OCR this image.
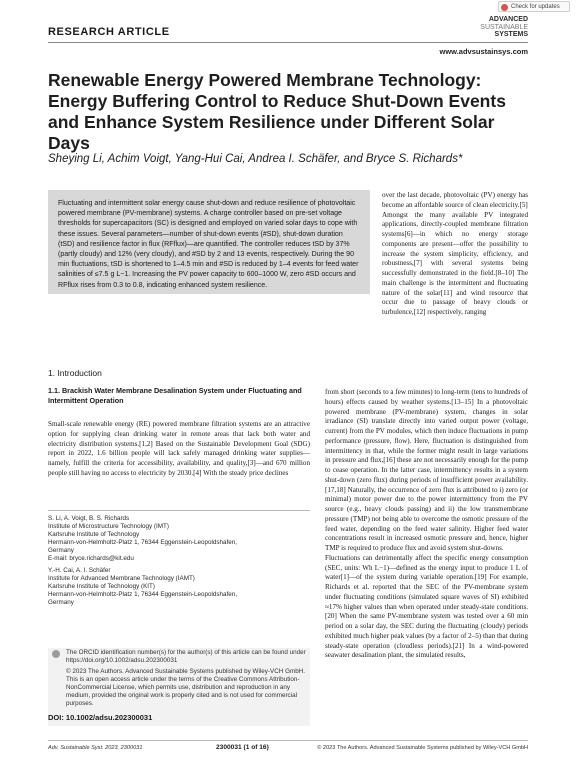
Check for updates
RESEARCH ARTICLE
ADVANCED
SUSTAINABLE
SYSTEMS
www.advsustainsys.com
Renewable Energy Powered Membrane Technology: Energy Buffering Control to Reduce Shut-Down Events and Enhance System Resilience under Different Solar Days
Sheying Li, Achim Voigt, Yang-Hui Cai, Andrea I. Schäfer, and Bryce S. Richards*
Fluctuating and intermittent solar energy cause shut-down and reduce resilience of photovoltaic powered membrane (PV-membrane) systems. A charge controller based on pre-set voltage thresholds for supercapacitors (SC) is designed and employed on varied solar days to cope with these issues. Several parameters—number of shut-down events (#SD), shut-down duration (tSD) and resilience factor in flux (RFflux)—are quantified. The controller reduces tSD by 37% (partly cloudy) and 12% (very cloudy), and #SD by 2 and 13 events, respectively. During the 90 min fluctuations, tSD is shortened to 1–4.5 min and #SD is reduced by 1–4 events for feed water salinities of ≤7.5 g L−1. Increasing the PV power capacity to 600–1000 W, zero #SD occurs and RFflux rises from 0.3 to 0.8, indicating enhanced system resilience.
over the last decade, photovoltaic (PV) energy has become an affordable source of clean electricity.[5]
Amongst the many available PV integrated applications, directly-coupled membrane filtration systems[6]—in which no energy storage components are present—offer the possibility to increase the system simplicity, efficiency, and robustness,[7] with several systems being successfully demonstrated in the field.[8–10] The main challenge is the intermittent and fluctuating nature of the solar[11] and wind resource that occur due to passage of heavy clouds or turbulence,[12] respectively, ranging
from short (seconds to a few minutes) to long-term (tens to hundreds of hours) effects caused by weather systems.[13–15] In a photovoltaic powered membrane (PV-membrane) system, changes in solar irradiance (SI) translate directly into varied output power (voltage, current) from the PV modules, which then induce fluctuations in pump performance (pressure, flow). Here, fluctuation is distinguished from intermittency in that, while the former might result in large variations in pressure and flux,[16] these are not necessarily enough for the pump to cease operation. In the latter case, intermittency results in a system shut-down (zero flux) during periods of insufficient power availability.[17,18] Naturally, the occurrence of zero flux is attributed to i) zero (or minimal) motor power due to the power intermittency from the PV source (e.g., heavy clouds passing) and ii) the low transmembrane pressure (TMP) not being able to overcome the osmotic pressure of the feed water, depending on the feed water salinity. Higher feed water concentrations result in increased osmotic pressure and, hence, higher TMP is required to produce flux and avoid system shut-downs.
Fluctuations can detrimentally affect the specific energy consumption (SEC, units: Wh L−1)—defined as the energy input to produce 1 L of water[1]—of the system during variable operation.[19] For example, Richards et al. reported that the SEC of the PV-membrane system under fluctuating conditions (simulated square waves of SI) exhibited ≈17% higher values than when operated under steady-state conditions.[20] When the same PV-membrane system was tested over a 60 min period on a solar day, the SEC during the fluctuating (cloudy) periods exhibited much higher peak values (by a factor of 2–5) than that during steady-state operation (cloudless periods).[21] In a wind-powered seawater desalination plant, the simulated results,
1. Introduction
1.1. Brackish Water Membrane Desalination System under Fluctuating and Intermittent Operation
Small-scale renewable energy (RE) powered membrane filtration systems are an attractive option for supplying clean drinking water in remote areas that lack both water and electricity distribution systems.[1,2] Based on the Sustainable Development Goal (SDG) report in 2022, 1.6 billion people will lack safely managed drinking water supplies—namely, fulfill the criteria for accessibility, availability, and quality,[3]—and 670 million people still having no access to electricity by 2030.[4] With the steady price declines
S. Li, A. Voigt, B. S. Richards
Institute of Microstructure Technology (IMT)
Karlsruhe Institute of Technology
Hermann-von-Helmholtz-Platz 1, 76344 Eggenstein-Leopoldshafen,
Germany
E-mail: bryce.richards@kit.edu
Y.-H. Cai, A. I. Schäfer
Institute for Advanced Membrane Technology (IAMT)
Karlsruhe Institute of Technology (KIT)
Hermann-von-Helmholtz-Platz 1, 76344 Eggenstein-Leopoldshafen,
Germany
The ORCID identification number(s) for the author(s) of this article can be found under https://doi.org/10.1002/adsu.202300031
© 2023 The Authors. Advanced Sustainable Systems published by Wiley-VCH GmbH. This is an open access article under the terms of the Creative Commons Attribution-NonCommercial License, which permits use, distribution and reproduction in any medium, provided the original work is properly cited and is not used for commercial purposes.
DOI: 10.1002/adsu.202300031
Adv. Sustainable Syst. 2023, 2300031	2300031 (1 of 16)	© 2023 The Authors. Advanced Sustainable Systems published by Wiley-VCH GmbH
